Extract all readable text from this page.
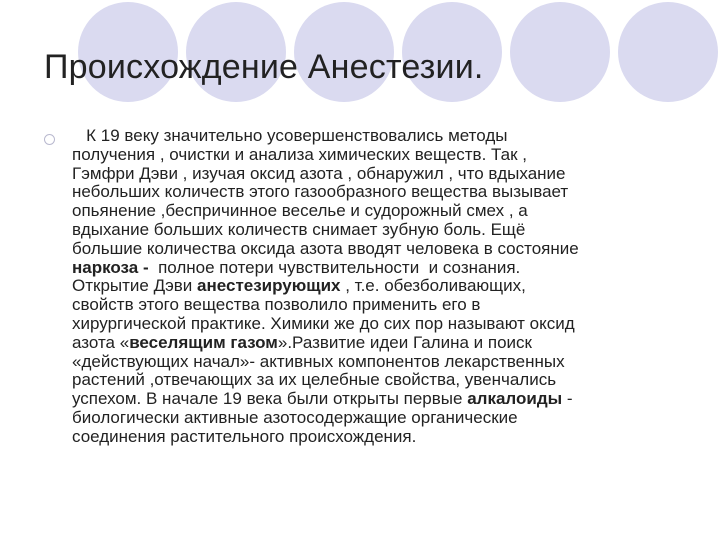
Происхождение Анестезии.
К 19 веку значительно усовершенствовались методы
получения , очистки и анализа химических веществ. Так ,
Гэмфри Дэви , изучая оксид азота , обнаружил , что вдыхание
небольших количеств этого газообразного вещества вызывает
опьянение ,беспричинное веселье и судорожный смех , а
вдыхание больших количеств снимает зубную боль. Ещё
большие количества оксида азота вводят человека в состояние
наркоза -  полное потери чувствительности  и сознания.
Открытие Дэви анестезирующих , т.е. обезболивающих,
свойств этого вещества позволило применить его в
хирургической практике. Химики же до сих пор называют оксид
азота «веселящим газом».Развитие идеи Галина и поиск
«действующих начал»- активных компонентов лекарственных
растений ,отвечающих за их целебные свойства, увенчались
успехом. В начале 19 века были открыты первые алкалоиды -
биологически активные азотосодержащие органические
соединения растительного происхождения.
